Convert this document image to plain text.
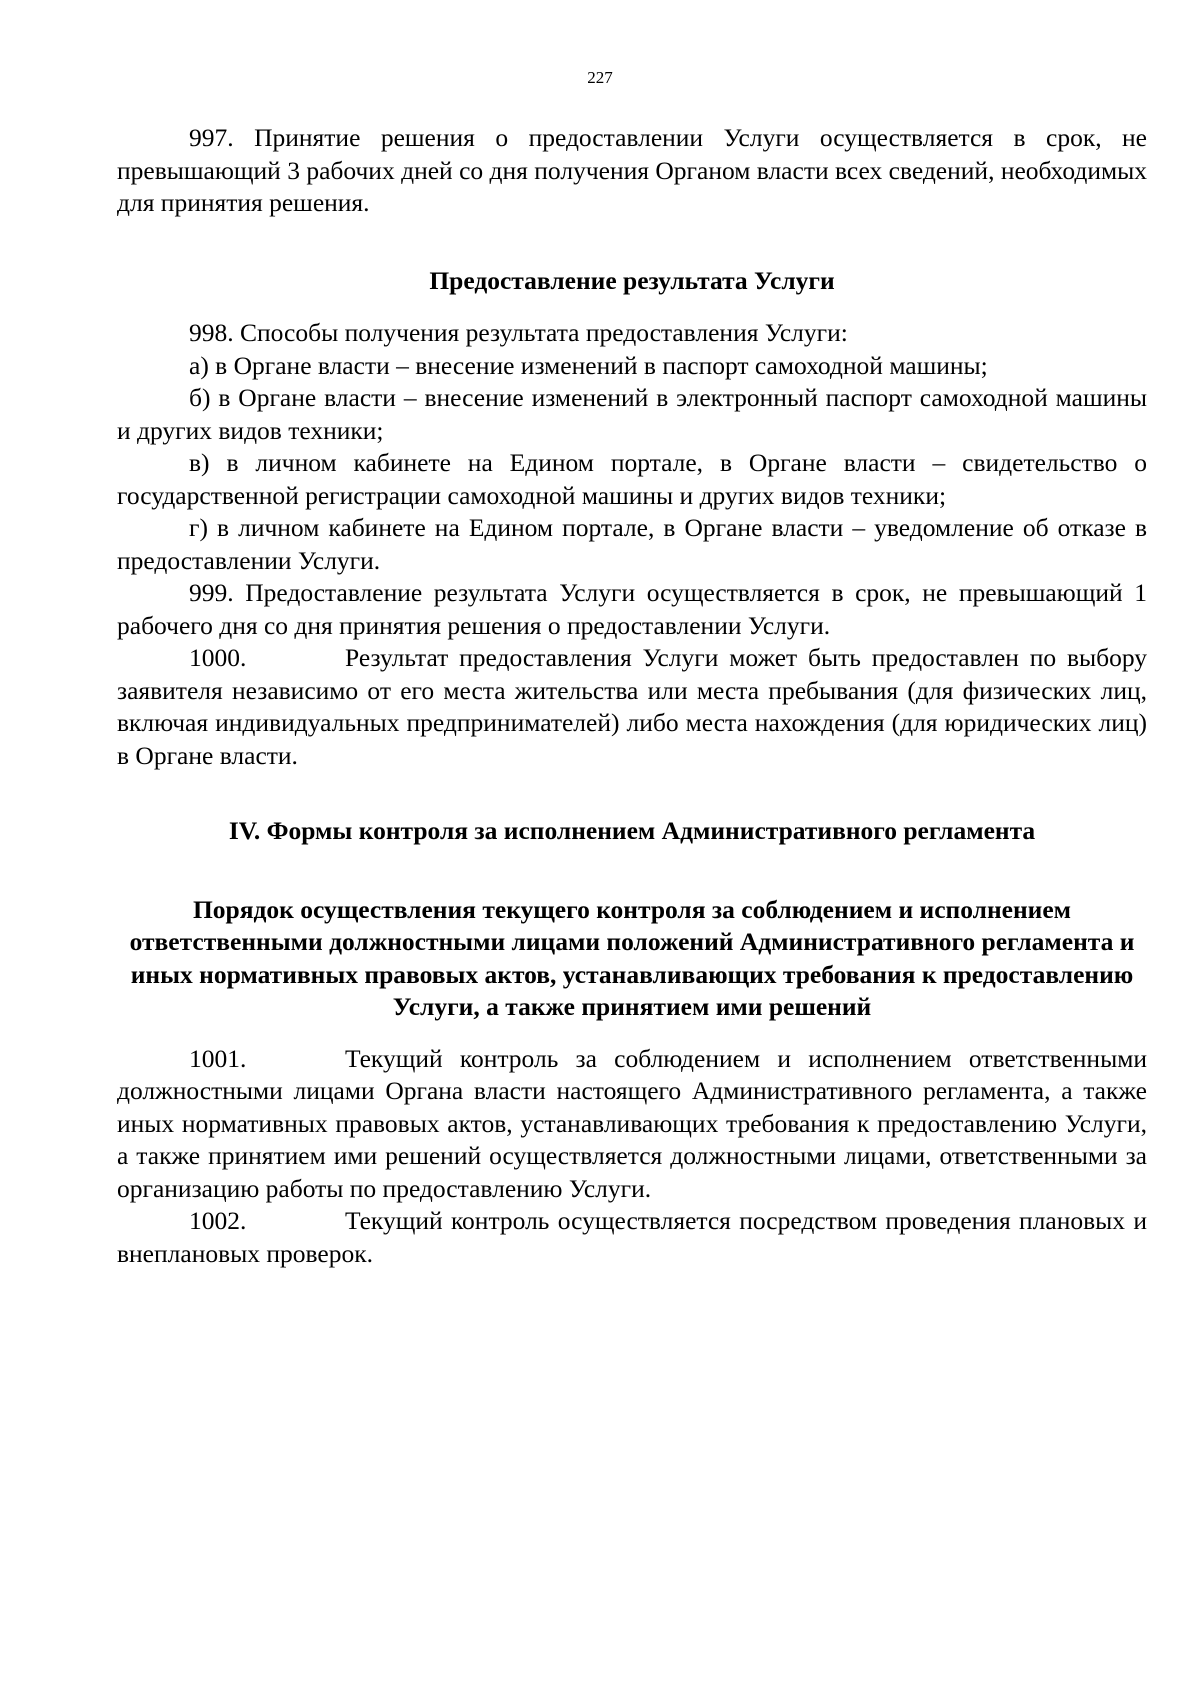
227

997. Принятие решения о предоставлении Услуги осуществляется в срок, не превышающий 3 рабочих дней со дня получения Органом власти всех сведений, необходимых для принятия решения.

Предоставление результата Услуги

998. Способы получения результата предоставления Услуги:

а) в Органе власти – внесение изменений в паспорт самоходной машины;

б) в Органе власти – внесение изменений в электронный паспорт самоходной машины и других видов техники;

в) в личном кабинете на Едином портале, в Органе власти – свидетельство о государственной регистрации самоходной машины и других видов техники;

г) в личном кабинете на Едином портале, в Органе власти – уведомление об отказе в предоставлении Услуги.

999. Предоставление результата Услуги осуществляется в срок, не превышающий 1 рабочего дня со дня принятия решения о предоставлении Услуги.

1000.	Результат предоставления Услуги может быть предоставлен по выбору заявителя независимо от его места жительства или места пребывания (для физических лиц, включая индивидуальных предпринимателей) либо места нахождения (для юридических лиц) в Органе власти.

IV. Формы контроля за исполнением Административного регламента

Порядок осуществления текущего контроля за соблюдением и исполнением ответственными должностными лицами положений Административного регламента и иных нормативных правовых актов, устанавливающих требования к предоставлению Услуги, а также принятием ими решений

1001.	Текущий контроль за соблюдением и исполнением ответственными должностными лицами Органа власти настоящего Административного регламента, а также иных нормативных правовых актов, устанавливающих требования к предоставлению Услуги, а также принятием ими решений осуществляется должностными лицами, ответственными за организацию работы по предоставлению Услуги.

1002.	Текущий контроль осуществляется посредством проведения плановых и внеплановых проверок.
